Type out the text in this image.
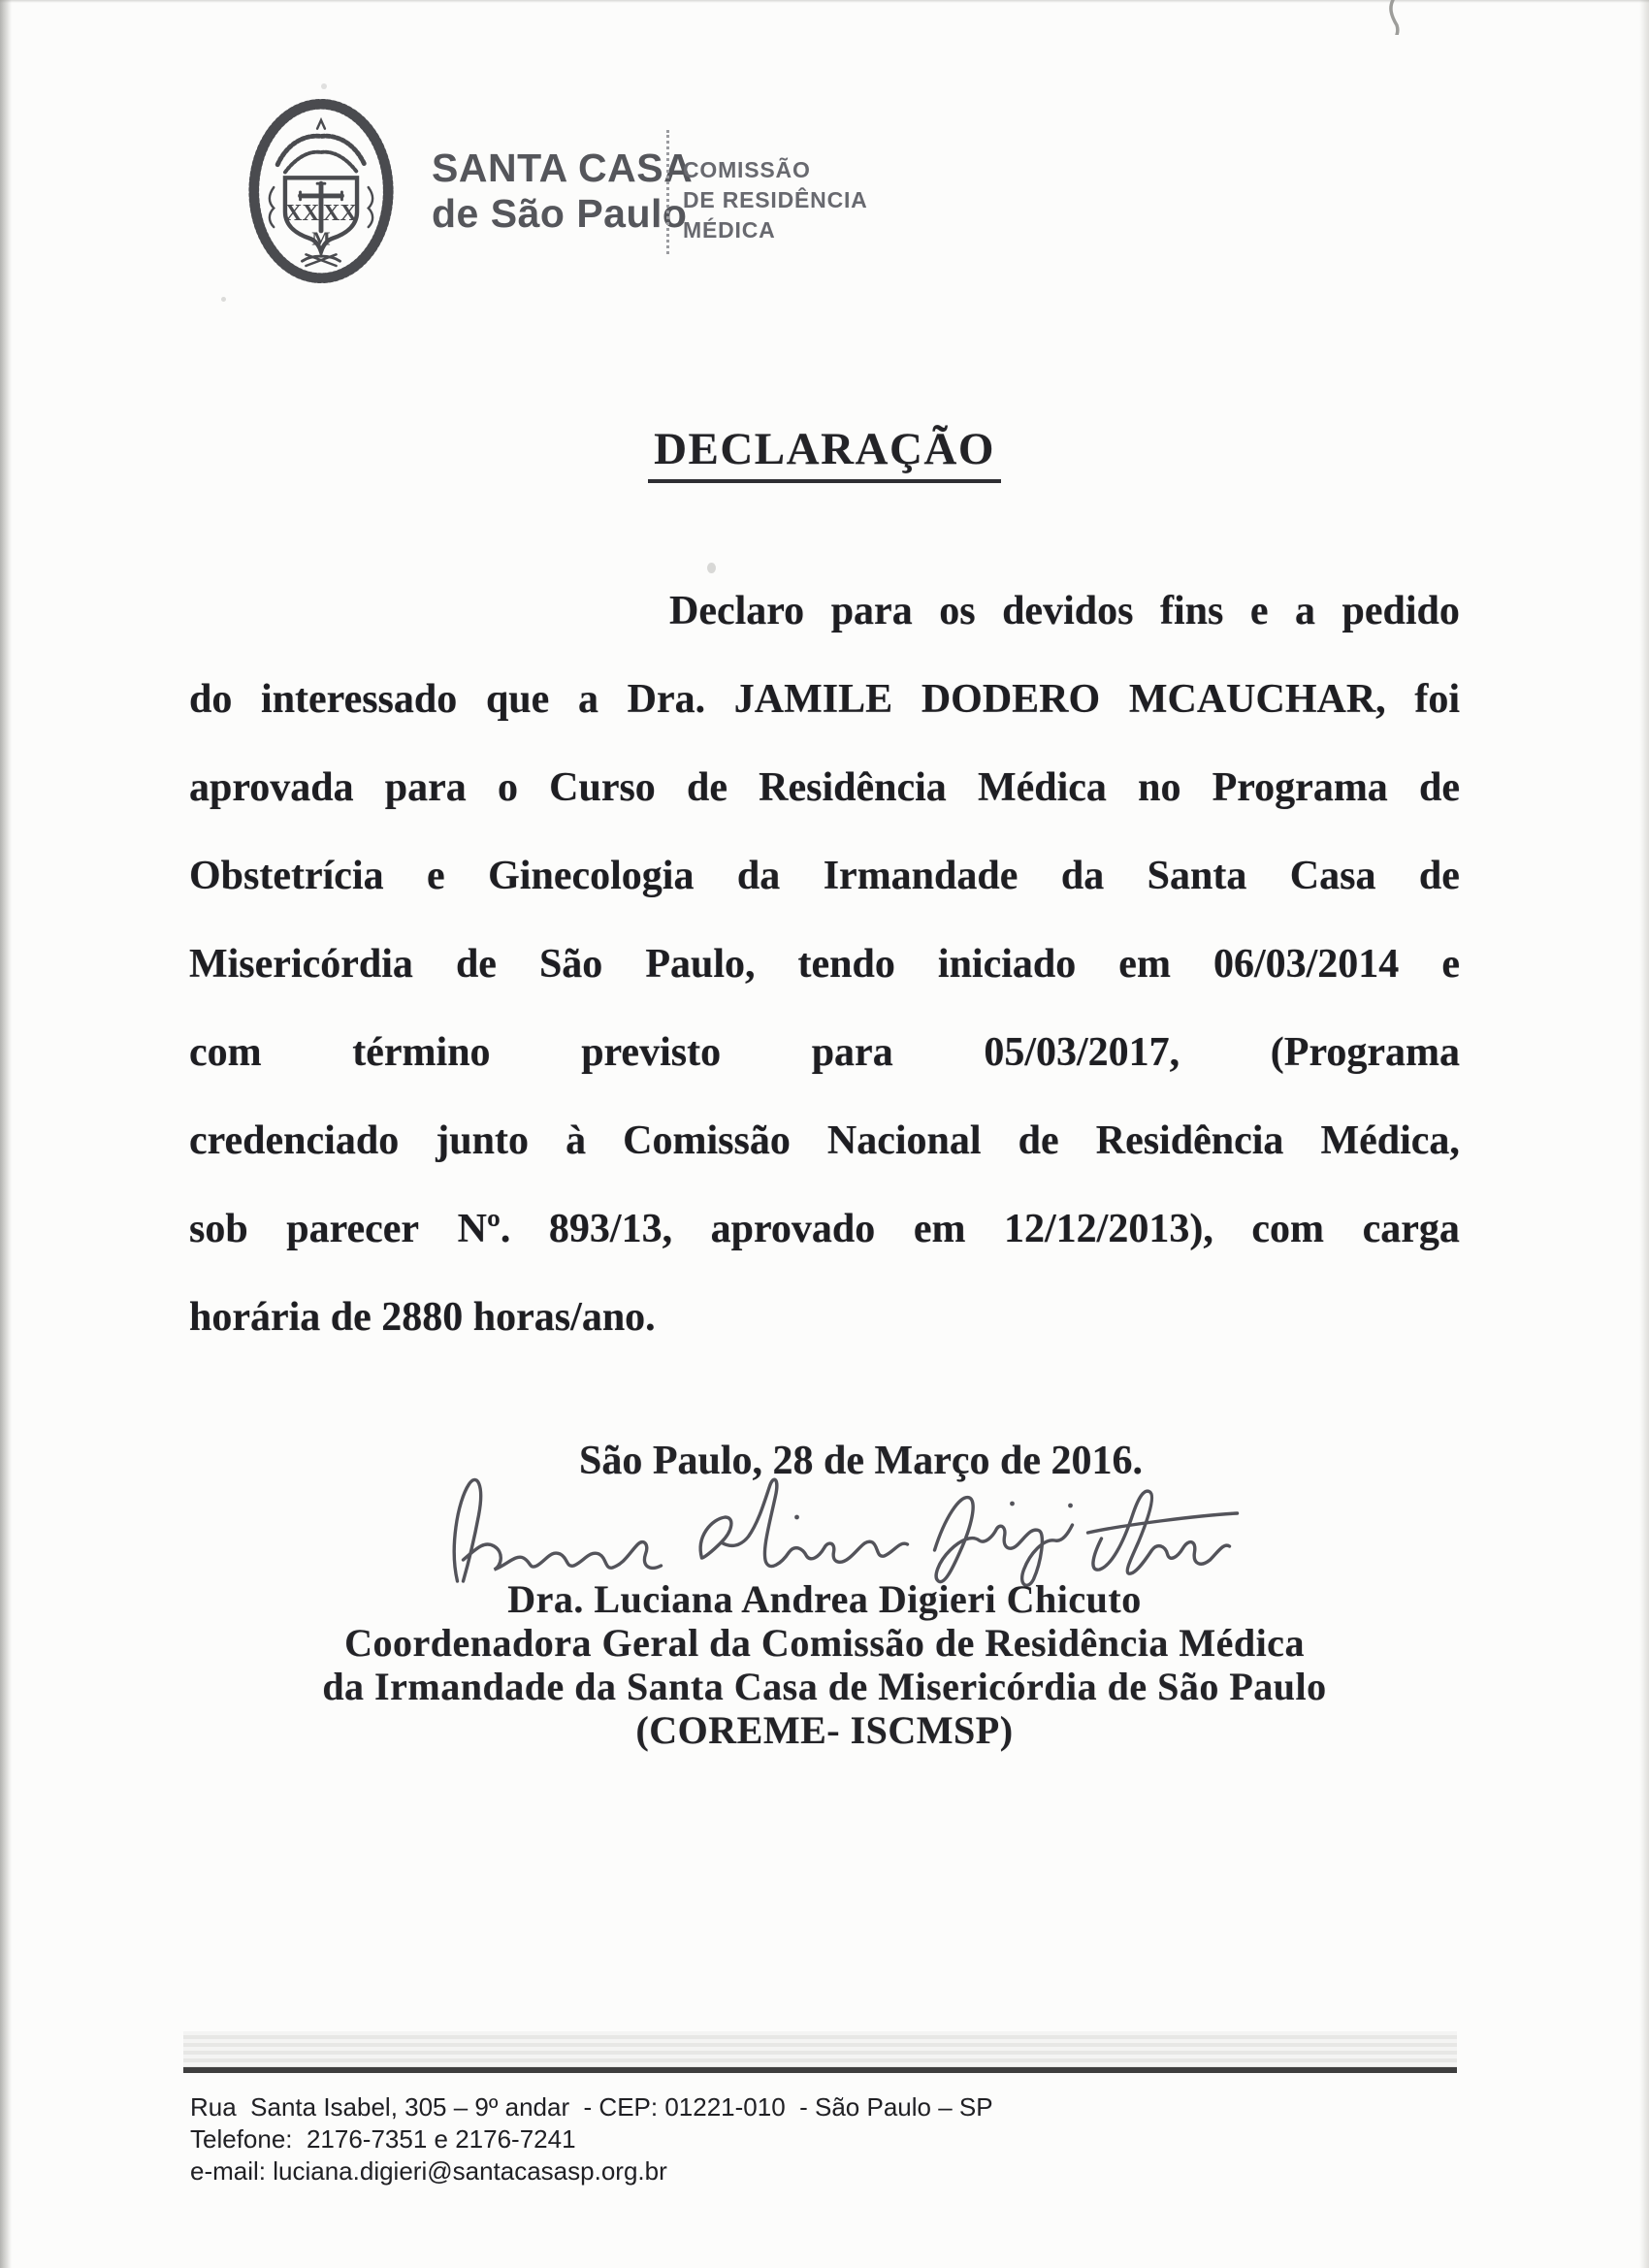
XX XX
M
SANTA CASA
de São Paulo
COMISSÃO
DE RESIDÊNCIA
MÉDICA
DECLARAÇÃO
Declaro para os devidos fins e a pedido
do interessado que a Dra. JAMILE DODERO MCAUCHAR, foi
aprovada para o Curso de Residência Médica no Programa de
Obstetrícia e Ginecologia da Irmandade da Santa Casa de
Misericórdia de São Paulo, tendo iniciado em 06/03/2014 e
com término previsto para 05/03/2017, (Programa
credenciado junto à Comissão Nacional de Residência Médica,
sob parecer Nº. 893/13, aprovado em 12/12/2013), com carga
horária de 2880 horas/ano.
São Paulo, 28 de Março de 2016.
Dra. Luciana Andrea Digieri Chicuto
Coordenadora Geral da Comissão de Residência Médica
da Irmandade da Santa Casa de Misericórdia de São Paulo
(COREME- ISCMSP)
Rua  Santa Isabel, 305 – 9º andar  - CEP: 01221-010  - São Paulo – SP
Telefone:  2176-7351 e 2176-7241
e-mail: luciana.digieri@santacasasp.org.br
